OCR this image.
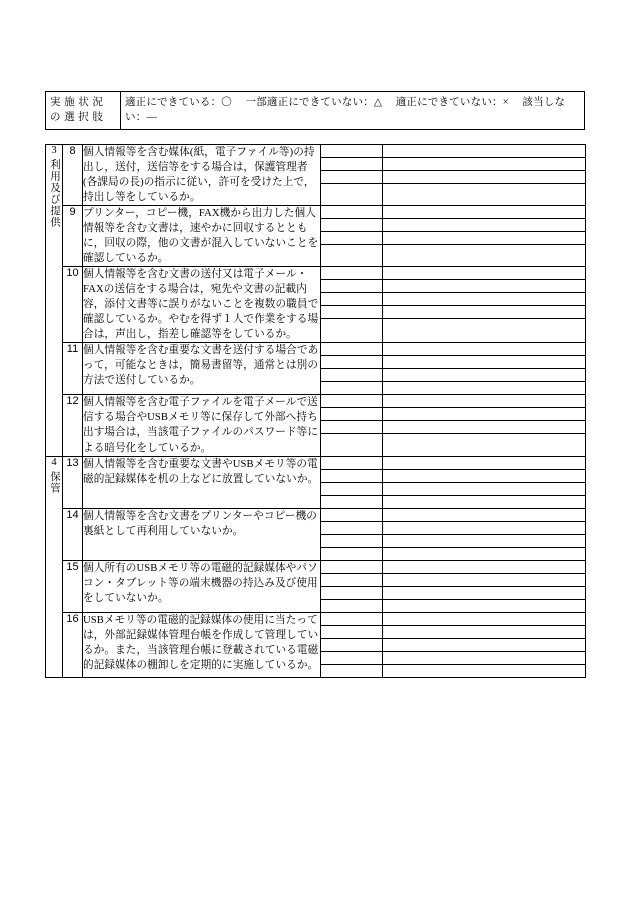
実 施 状 況
の 選 択 肢
	適正にできている：〇　 一部適正にできていない：△　 適正にできていない：×　 該当しない：―
3
利用及び提供
	8	個人情報等を含む媒体(紙，電子ファイル等)の持出し，送付，送信等をする場合は，保護管理者(各課局の長)の指示に従い，許可を受けた上で，持出し等をしているか。	

9	プリンター，コピー機，FAX機から出力した個人情報等を含む文書は，速やかに回収するとともに，回収の際，他の文書が混入していないことを確認しているか。	

10	個人情報等を含む文書の送付又は電子メール・FAXの送信をする場合は，宛先や文書の記載内容，添付文書等に誤りがないことを複数の職員で確認しているか。やむを得ず１人で作業をする場合は，声出し，指差し確認等をしているか。	

11	個人情報等を含む重要な文書を送付する場合であって，可能なときは，簡易書留等，通常とは別の方法で送付しているか。	

12	個人情報等を含む電子ファイルを電子メールで送信する場合やUSBメモリ等に保存して外部へ持ち出す場合は，当該電子ファイルのパスワード等による暗号化をしているか。	

4
保管
	13	個人情報等を含む重要な文書やUSBメモリ等の電磁的記録媒体を机の上などに放置していないか。	

14	個人情報等を含む文書をプリンターやコピー機の裏紙として再利用していないか。	

15	個人所有のUSBメモリ等の電磁的記録媒体やパソコン・タブレット等の端末機器の持込み及び使用をしていないか。	

16	USBメモリ等の電磁的記録媒体の使用に当たっては，外部記録媒体管理台帳を作成して管理しているか。また，当該管理台帳に登載されている電磁的記録媒体の棚卸しを定期的に実施しているか。	
